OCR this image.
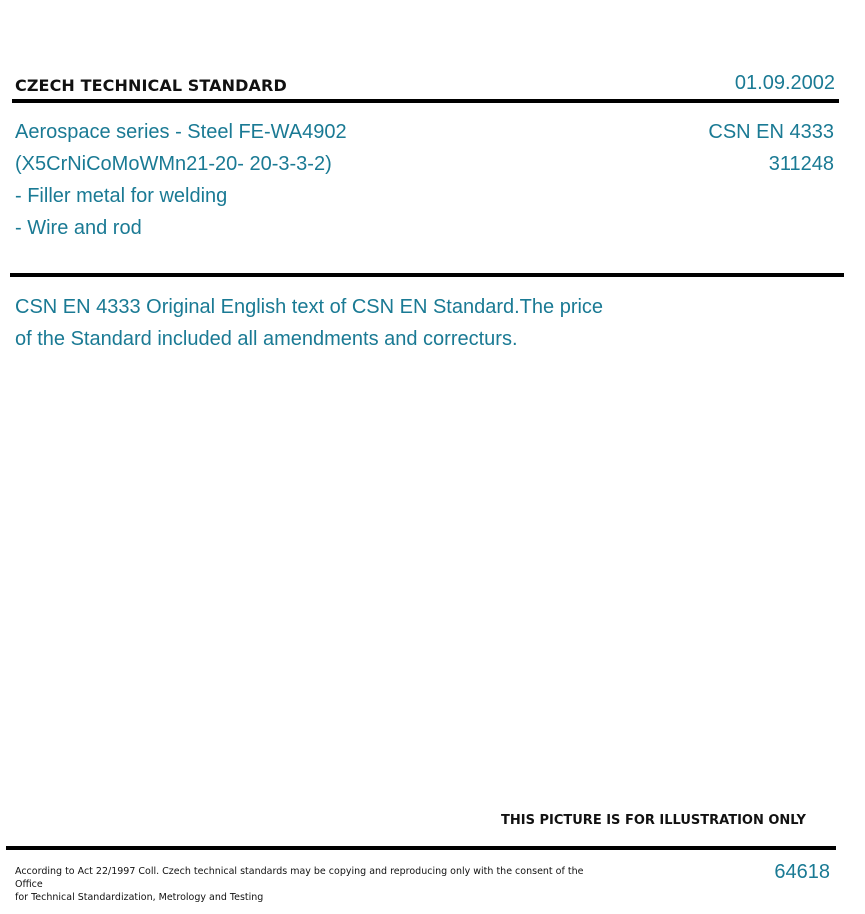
CZECH TECHNICAL STANDARD	01.09.2002
Aerospace series - Steel FE-WA4902
(X5CrNiCoMoWMn21-20- 20-3-3-2)
- Filler metal for welding
- Wire and rod
CSN EN 4333
311248
CSN EN 4333 Original English text of CSN EN Standard.The price
of the Standard included all amendments and correcturs.
THIS PICTURE IS FOR ILLUSTRATION ONLY
According to Act 22/1997 Coll. Czech technical standards may be copying and reproducing only with the consent of the Office
for Technical Standardization, Metrology and Testing
64618
